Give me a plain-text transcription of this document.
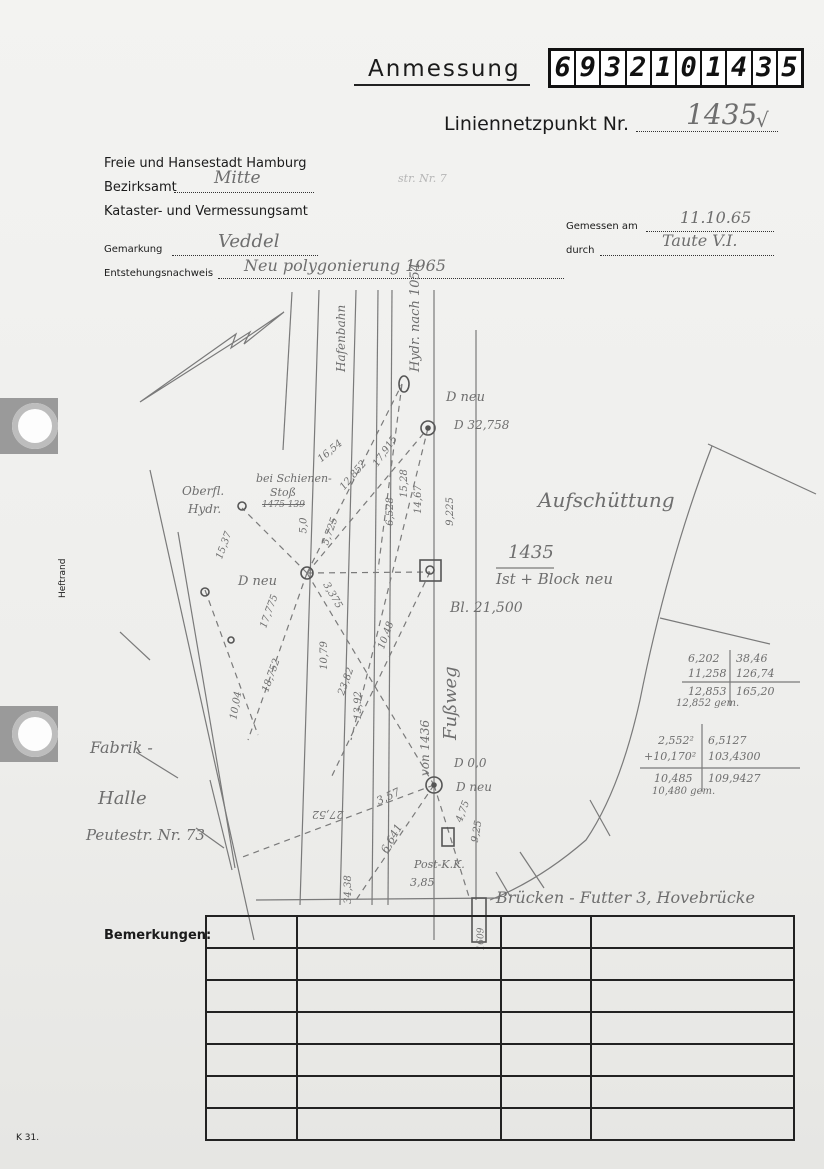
Anmessung 6 9 3 2 1 0 1 4 3 5
Liniennetzpunkt Nr. 1435
√
Freie und Hansestadt Hamburg
Bezirksamt Mitte
Kataster- und Vermessungsamt
str. Nr. 7
Gemarkung	Veddel
Entstehungsnachweis Neu polygonierung 1965
Gemessen am	11.10.65
durch
Taute V.I.
Heftrand
K 31.
Hafenbahn	Hydr. nach 1054
D neu
D 32,758
bei Schienen-
Stoß
1475 139
Oberfl.
Hydr.
D neu
Aufschüttung
1435
Ist + Block neu
Bl. 21,500
Fußweg
von 1436 D 0,0
D neu
Fabrik -
Halle
Peutestr. Nr. 73
Post-K.K.
3,85
Brücken - Futter 3, Hovebrücke
16,54
12,852
17,915
15,28
14,67 9,225
6,528
5,725
5,0
17,775
18,752
15,37
3,375
10,79
10,48
23,82
13,92
10,04
3,57
6,641
27,52
34,38
4,75
9,25
1609
6,202 38,46
11,258 126,74
12,853 165,20
12,852 gem.
2,552² 6,5127
+10,170² 103,4300
10,485 109,9427
10,480 gem.
Bemerkungen:
